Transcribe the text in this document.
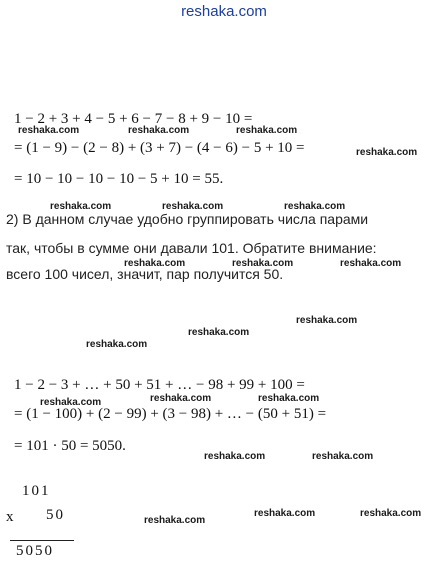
reshaka.com
1 − 2 + 3 + 4 − 5 + 6 − 7 − 8 + 9 − 10 =
= (1 − 9) − (2 − 8) + (3 + 7) − (4 − 6) − 5 + 10 =
= 10 − 10 − 10 − 10 − 5 + 10 = 55.
2) В данном случае удобно группировать числа парами
так, чтобы в сумме они давали 101. Обратите внимание:
всего 100 чисел, значит, пар получится 50.
1 − 2 − 3 + … + 50 + 51 + … − 98 + 99 + 100 =
= (1 − 100) + (2 − 99) + (3 − 98) + … − (50 + 51) =
= 101 · 50 = 5050.
101
x 50
5050
reshaka.com	reshaka.com	reshaka.com
reshaka.com
reshaka.com	reshaka.com	reshaka.com
reshaka.com	reshaka.com	reshaka.com
reshaka.com
reshaka.com
reshaka.com
reshaka.com	reshaka.com	reshaka.com
reshaka.com	reshaka.com
reshaka.com	reshaka.com
reshaka.com
